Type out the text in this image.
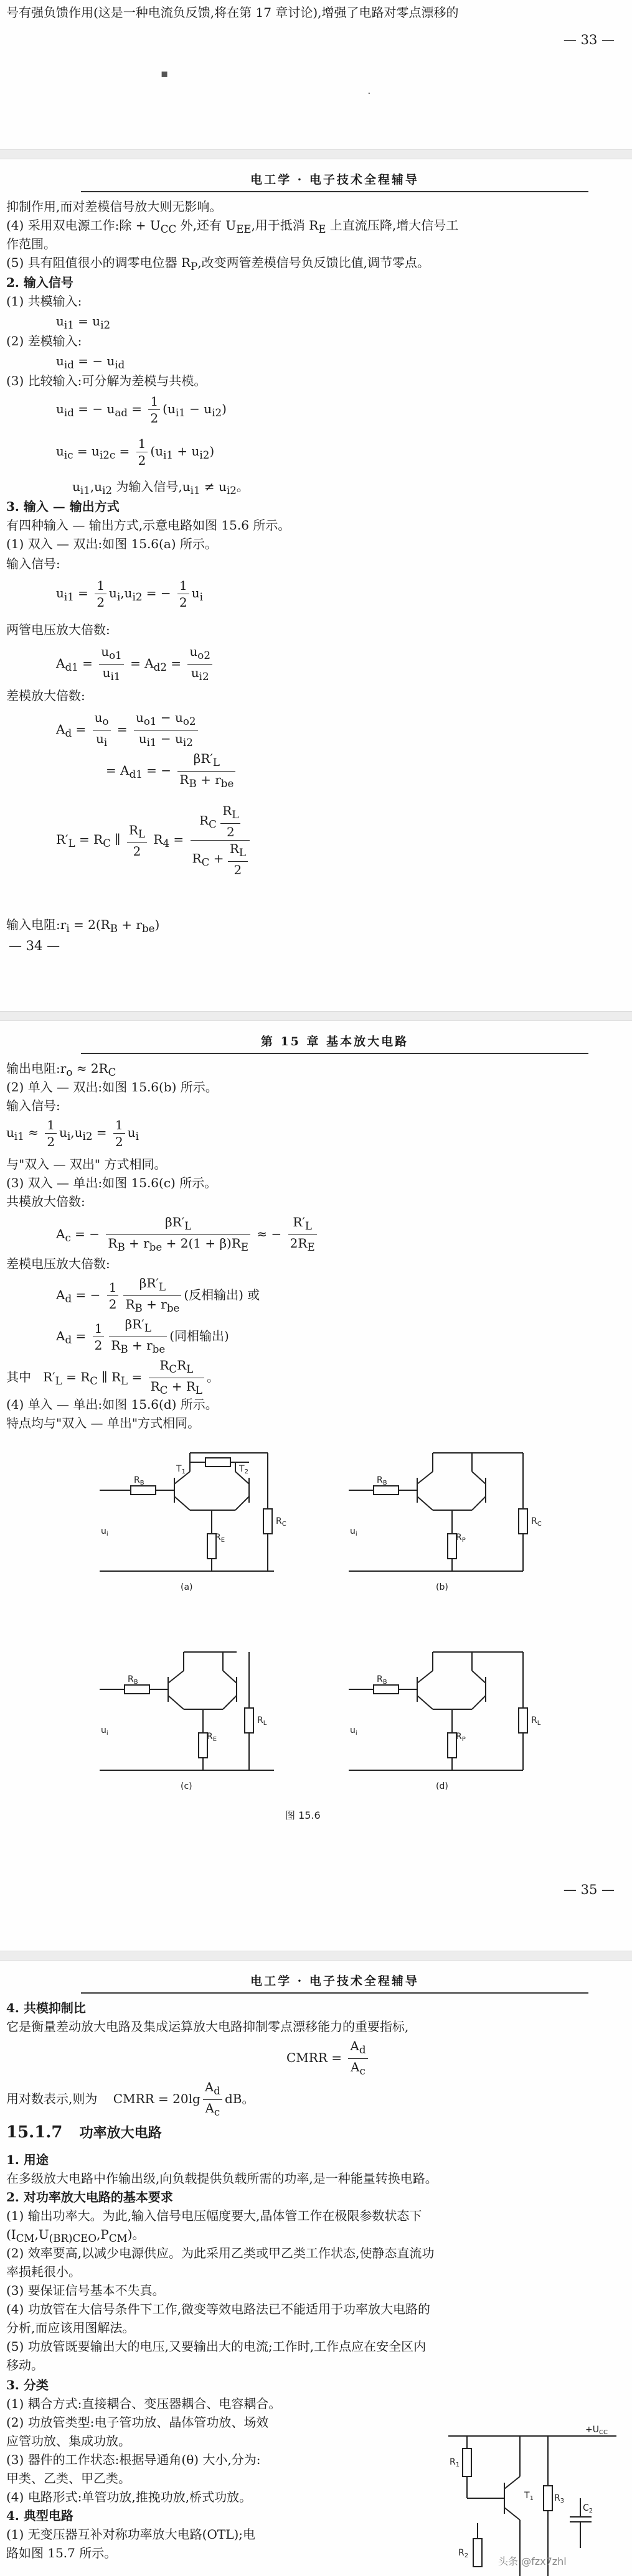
号有强负馈作用(这是一种电流负反馈,将在第 17 章讨论),增强了电路对零点漂移的
— 33 —
▪
·
电工学 · 电子技术全程辅导
抑制作用,而对差模信号放大则无影响。
(4) 采用双电源工作:除 + $U_{CC}$ 外,还有 $U_{EE}$,用于抵消 $R_E$ 上直流压降,增大信号工
作范围。
(5) 具有阻值很小的调零电位器 $R_P$,改变两管差模信号负反馈比值,调节零点。
2. 输入信号
(1) 共模输入:
$u_{i1} = u_{i2}$
(2) 差模输入:
$u_{id}$ = − $u_{id}$
(3) 比较输入:可分解为差模与共模。
$u_{id}$ = − $u_{ad} = \frac{1}{2} (u_{i1} - u_{i2})$
$u_{ic} = u_{i2c} = \frac{1}{2} (u_{i1} + u_{i2})$
$u_{i1},u_{i2}$ 为输入信号$,u_{i1} \ne u_{i2}$。
3. 输入 — 输出方式
有四种输入 — 输出方式,示意电路如图 15.6 所示。
(1) 双入 — 双出:如图 15.6(a) 所示。
输入信号:
$u_{i1} = \frac{1}{2} u_i,u_{i2}$ = − $\frac{1}{2} u_i$
两管电压放大倍数:
$A_{d1} = \frac{u_{o1}}{u_{i1}} = A_{d2} = \frac{u_{o2}}{u_{i2}}$
差模放大倍数:
$A_d = \frac{u_o}{u_i} = \frac{u_{o1} - u_{o2}}{u_{i1} - u_{i2}}$
= $A_{d1}$ = −
$\beta R'_L$
$R_B + r_{be}$
$R'_L = R_C$ ∥ $\frac{R_L}{2} R_4 = \frac{R_C \frac{R_L}{2}}{R_C + \frac{R_L}{2}}$
输入电阻$:r_i = 2(R_B + r_{be})$
— 34 —
第 15 章 基本放大电路
输出电阻$:r_o \approx 2R_C$
(2) 单入 — 双出:如图 15.6(b) 所示。
输入信号:
$u_{i1} \approx \frac{1}{2} u_i,u_{i2} = \frac{1}{2} u_i$
与"双入 — 双出" 方式相同。
(3) 双入 — 单出:如图 15.6(c) 所示。
共模放大倍数:
$A_c$ = −
$\beta R'_L$
$R_B + r_{be} + 2(1 + \beta)R_E$
≈ − $\frac{R'_L}{2R_E}$
差模电压放大倍数:
$A_d$ = − $\frac{1}{2}$	$\beta R'_L$
$R_B + r_{be}$
(反相输出) 或
$A_d = \frac{1}{2}$	$\beta R'_L$
$R_B + r_{be}$
(同相输出)
其中   $R'_L = R_C$ ∥ $R_L$ =
$R_CR_L$
$R_C + R_L$
。
(4) 单入 — 单出:如图 15.6(d) 所示。
特点均与"双入 — 单出"方式相同。
$R_B$
$R_E$
$R_C$
$u_i$
$T_1$	$T_2$
(a)
$R_B$
$R_P$
$R_C$
$u_i$
(b)
$R_B$
$R_E$
$R_L$
$u_i$
(c)
$R_B$
$R_P$
$R_L$
$u_i$
(d)
图 15.6
— 35 —
电工学 · 电子技术全程辅导
4. 共模抑制比
它是衡量差动放大电路及集成运算放大电路抑制零点漂移能力的重要指标,
CMRR = $\frac{A_d}{A_c}$
用对数表示,则为    CMRR = $20\lg \frac{A_d}{A_c}$ dB。
15.1.7 功率放大电路
1. 用途
在多级放大电路中作输出级,向负载提供负载所需的功率,是一种能量转换电路。
2. 对功率放大电路的基本要求
(1) 输出功率大。为此,输入信号电压幅度要大,晶体管工作在极限参数状态下
$(I_{CM},U_{(BR)CEO},P_{CM})$。
(2) 效率要高,以减少电源供应。为此采用乙类或甲乙类工作状态,使静态直流功
率损耗很小。
(3) 要保证信号基本不失真。
(4) 功放管在大信号条件下工作,微变等效电路法已不能适用于功率放大电路的
分析,而应该用图解法。
(5) 功放管既要输出大的电压,又要输出大的电流;工作时,工作点应在安全区内
移动。
3. 分类
(1) 耦合方式:直接耦合、变压器耦合、电容耦合。
(2) 功放管类型:电子管功放、晶体管功放、场效
应管功放、集成功放。
(3) 器件的工作状态:根据导通角(θ) 大小,分为:
甲类、乙类、甲乙类。
(4) 电路形式:单管功放,推挽功放,桥式功放。
4. 典型电路
(1) 无变压器互补对称功率放大电路(OTL);电
路如图 15.7 所示。
$+U_{CC}$
$R_1$
$T_1$ $R_3$
$C_2$
$R_2$	头条 @fzx7zhl
